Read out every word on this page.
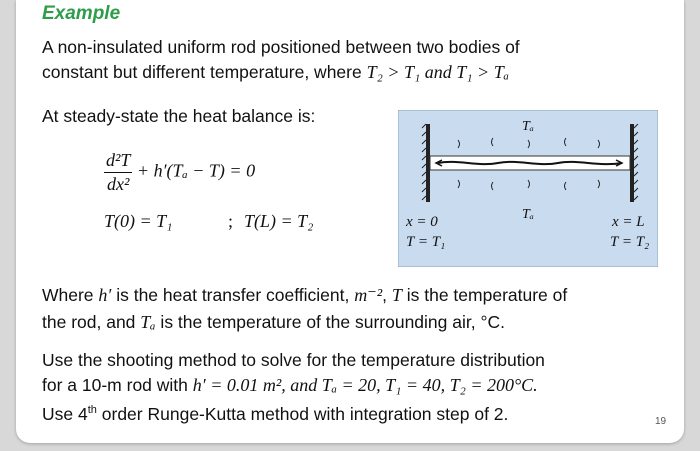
Example
A non-insulated uniform rod positioned between two bodies of
constant but different temperature, where T₂ > T₁ and T₁ > Tₐ
At steady-state the heat balance is:
$\frac{\text{d²T}}{\text{dx²}} + h'(T_a - T) = 0$
T(0) = T₁	; T(L) = T₂
Tₐ
Tₐ
x = 0
T = T₁
x = L
T = T₂
Where h′ is the heat transfer coefficient, m⁻², T is the temperature of
the rod, and Tₐ is the temperature of the surrounding air, °C.
Use the shooting method to solve for the temperature distribution
for a 10-m rod with h′ = 0.01 m², and Tₐ = 20, T₁ = 40, T₂ = 200°C.
Use 4th order Runge-Kutta method with integration step of 2.	19
